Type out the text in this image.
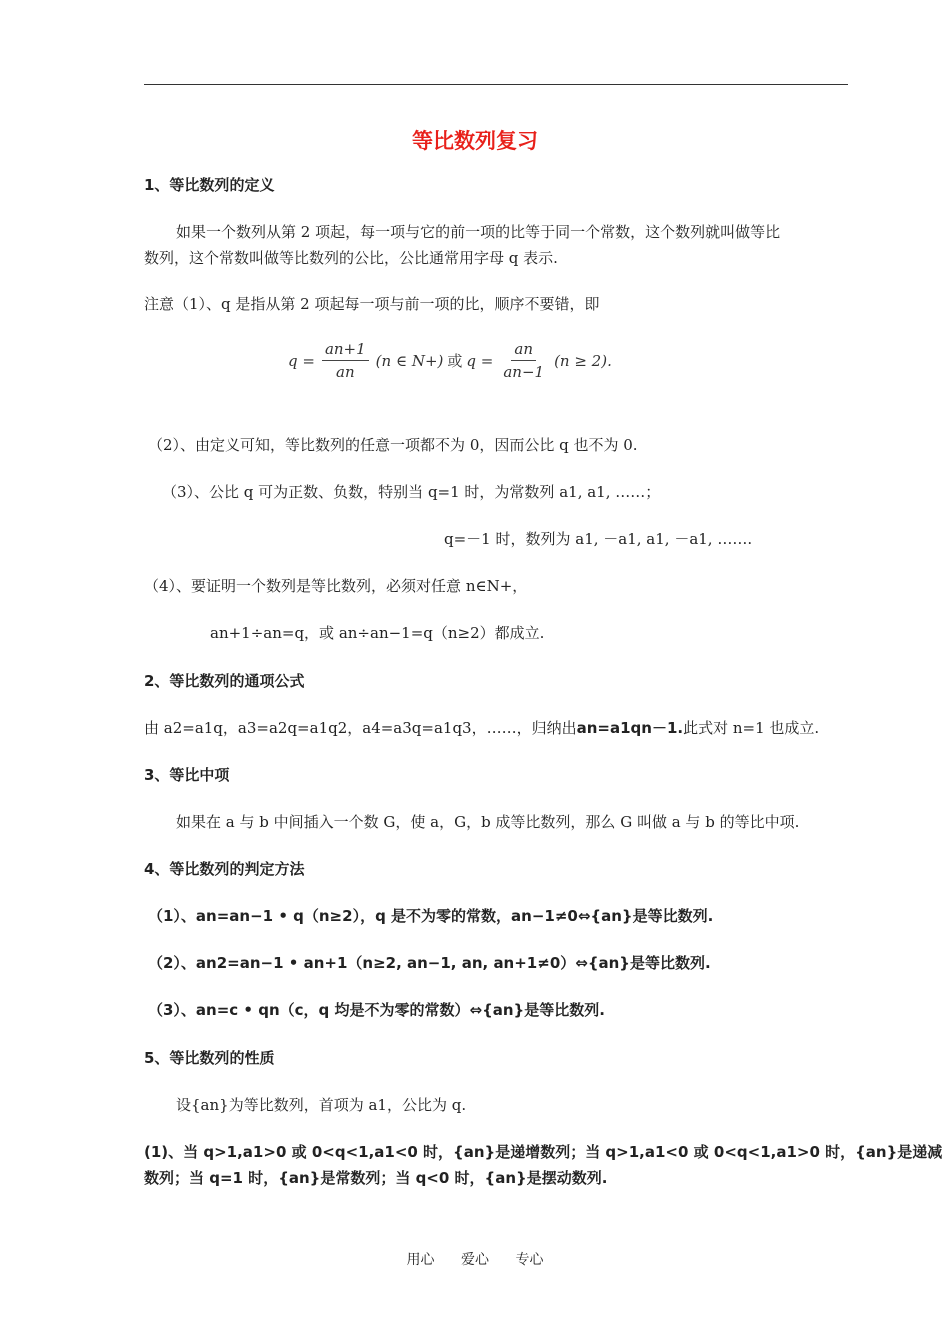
等比数列复习
1、等比数列的定义
如果一个数列从第 2 项起，每一项与它的前一项的比等于同一个常数，这个数列就叫做等比
数列，这个常数叫做等比数列的公比，公比通常用字母 q 表示.
注意（1）、q 是指从第 2 项起每一项与前一项的比，顺序不要错，即
$q = \frac{an+1}{an} (n$ ∈ N+) 或 $q = \frac{an}{an-1} (n \ge 2)$.
（2）、由定义可知，等比数列的任意一项都不为 0，因而公比 q 也不为 0.
（3）、公比 q 可为正数、负数，特别当 q=1 时，为常数列 a1, a1, ……；
q=－1 时，数列为 a1, －a1, a1, －a1, …….
（4）、要证明一个数列是等比数列，必须对任意 n∈N+，
an+1÷an=q，或 an÷an−1=q（n≥2）都成立.
2、等比数列的通项公式
由 a2=a1q，a3=a2q=a1q2，a4=a3q=a1q3，……，归纳出an=a1qn－1.此式对 n=1 也成立.
3、等比中项
如果在 a 与 b 中间插入一个数 G，使 a，G，b 成等比数列，那么 G 叫做 a 与 b 的等比中项.
4、等比数列的判定方法
（1）、an=an−1 • q（n≥2），q 是不为零的常数，an−1≠0⇔{an}是等比数列.
（2）、an2=an−1 • an+1（n≥2, an−1, an, an+1≠0）⇔{an}是等比数列.
（3）、an=c • qn（c，q 均是不为零的常数）⇔{an}是等比数列.
5、等比数列的性质
设{an}为等比数列，首项为 a1，公比为 q.
(1)、当 q>1,a1>0 或 0<q<1,a1<0 时，{an}是递增数列；当 q>1,a1<0 或 0<q<1,a1>0 时，{an}是递减
数列；当 q=1 时，{an}是常数列；当 q<0 时，{an}是摆动数列.
用心 爱心 专心
